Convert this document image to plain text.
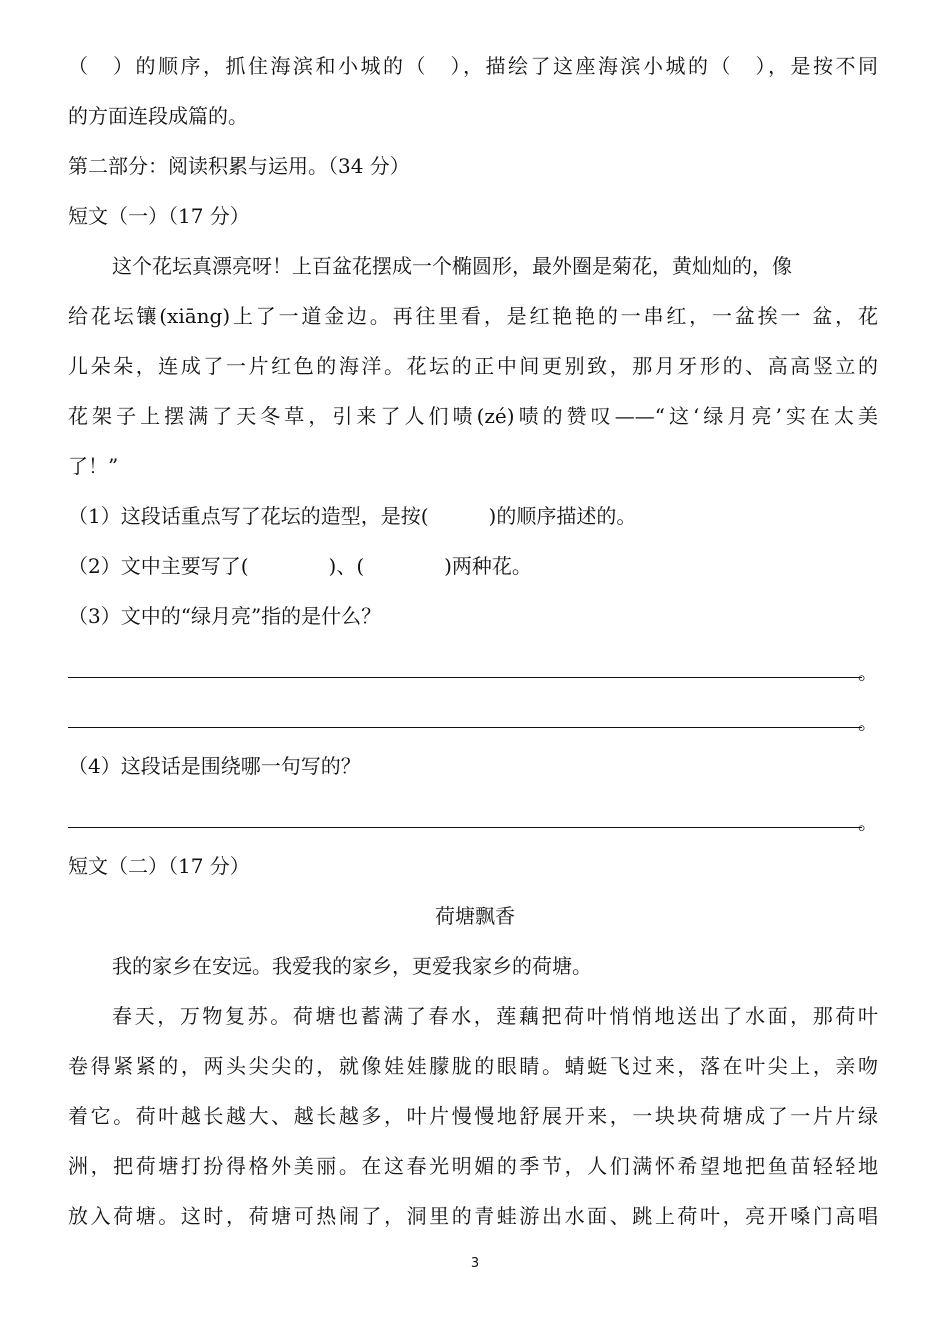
（　）的顺序，抓住海滨和小城的（　），描绘了这座海滨小城的（　），是按不同
的方面连段成篇的。
第二部分：阅读积累与运用。（34 分）
短文（一）（17 分）
这个花坛真漂亮呀！上百盆花摆成一个椭圆形，最外圈是菊花，黄灿灿的，像
给花坛镶(xiāng)上了一道金边。再往里看，是红艳艳的一串红，一盆挨一 盆，花
儿朵朵，连成了一片红色的海洋。花坛的正中间更别致，那月牙形的、高高竖立的
花架子上摆满了天冬草，引来了人们啧(zé)啧的赞叹——“这‘绿月亮’实在太美
了！”
（1）这段话重点写了花坛的造型，是按(　　　)的顺序描述的。
（2）文中主要写了(　　　　)、(　　　　)两种花。
（3）文中的“绿月亮”指的是什么？
。
。
（4）这段话是围绕哪一句写的？
。
短文（二）（17 分）
荷塘飘香
我的家乡在安远。我爱我的家乡，更爱我家乡的荷塘。
春天，万物复苏。荷塘也蓄满了春水，莲藕把荷叶悄悄地送出了水面，那荷叶
卷得紧紧的，两头尖尖的，就像娃娃朦胧的眼睛。蜻蜓飞过来，落在叶尖上，亲吻
着它。荷叶越长越大、越长越多，叶片慢慢地舒展开来，一块块荷塘成了一片片绿
洲，把荷塘打扮得格外美丽。在这春光明媚的季节，人们满怀希望地把鱼苗轻轻地
放入荷塘。这时，荷塘可热闹了，洞里的青蛙游出水面、跳上荷叶，亮开嗓门高唱
3
